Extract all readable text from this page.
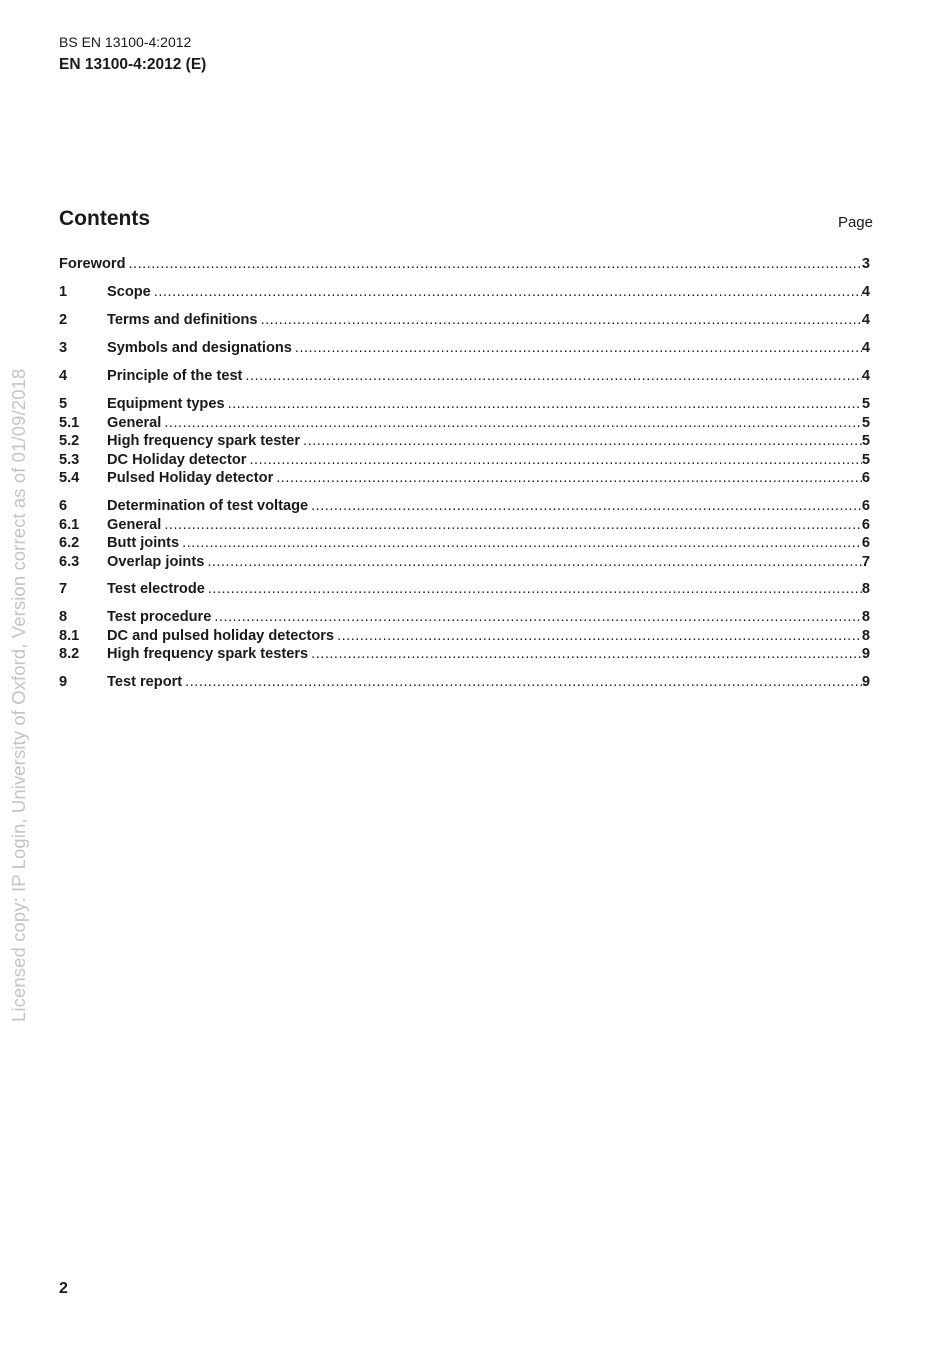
BS EN 13100-4:2012
EN 13100-4:2012 (E)
Contents	Page
Foreword .....	3
1	Scope .....	4
2	Terms and definitions .....	4
3	Symbols and designations .....	4
4	Principle of the test .....	4
5	Equipment types .....	5
5.1	General .....	5
5.2	High frequency spark tester .....	5
5.3	DC Holiday detector .....	5
5.4	Pulsed Holiday detector .....	6
6	Determination of test voltage .....	6
6.1	General .....	6
6.2	Butt joints .....	6
6.3	Overlap joints .....	7
7	Test electrode .....	8
8	Test procedure .....	8
8.1	DC and pulsed holiday detectors .....	8
8.2	High frequency spark testers .....	9
9	Test report .....	9
Licensed copy: IP Login, University of Oxford, Version correct as of 01/09/2018
2
